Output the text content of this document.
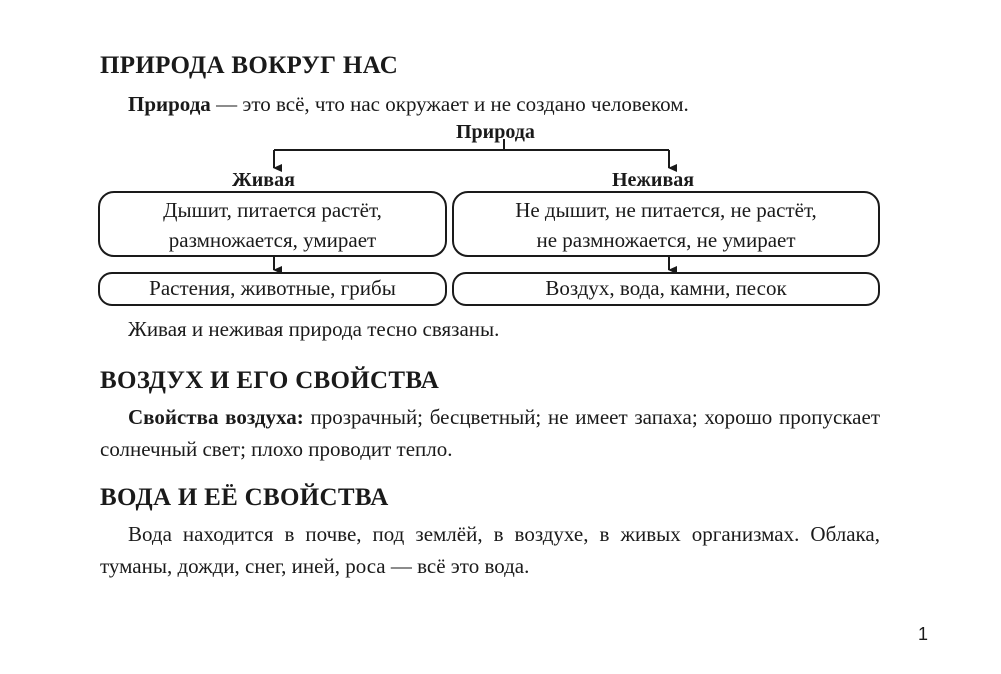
ПРИРОДА ВОКРУГ НАС

Природа — это всё, что нас окружает и не создано человеком.

Природа
Живая	Неживая
Дышит, питается растёт,
размножается, умирает
Не дышит, не питается, не растёт,
не размножается, не умирает
Растения, животные, грибы	Воздух, вода, камни, песок

Живая и неживая природа тесно связаны.

ВОЗДУХ И ЕГО СВОЙСТВА

Свойства воздуха: прозрачный; бесцветный; не имеет запаха; хорошо пропускает солнечный свет; плохо проводит тепло.

ВОДА И ЕЁ СВОЙСТВА

Вода находится в почве, под землёй, в воздухе, в живых организмах. Облака, туманы, дожди, снег, иней, роса — всё это вода.

1
